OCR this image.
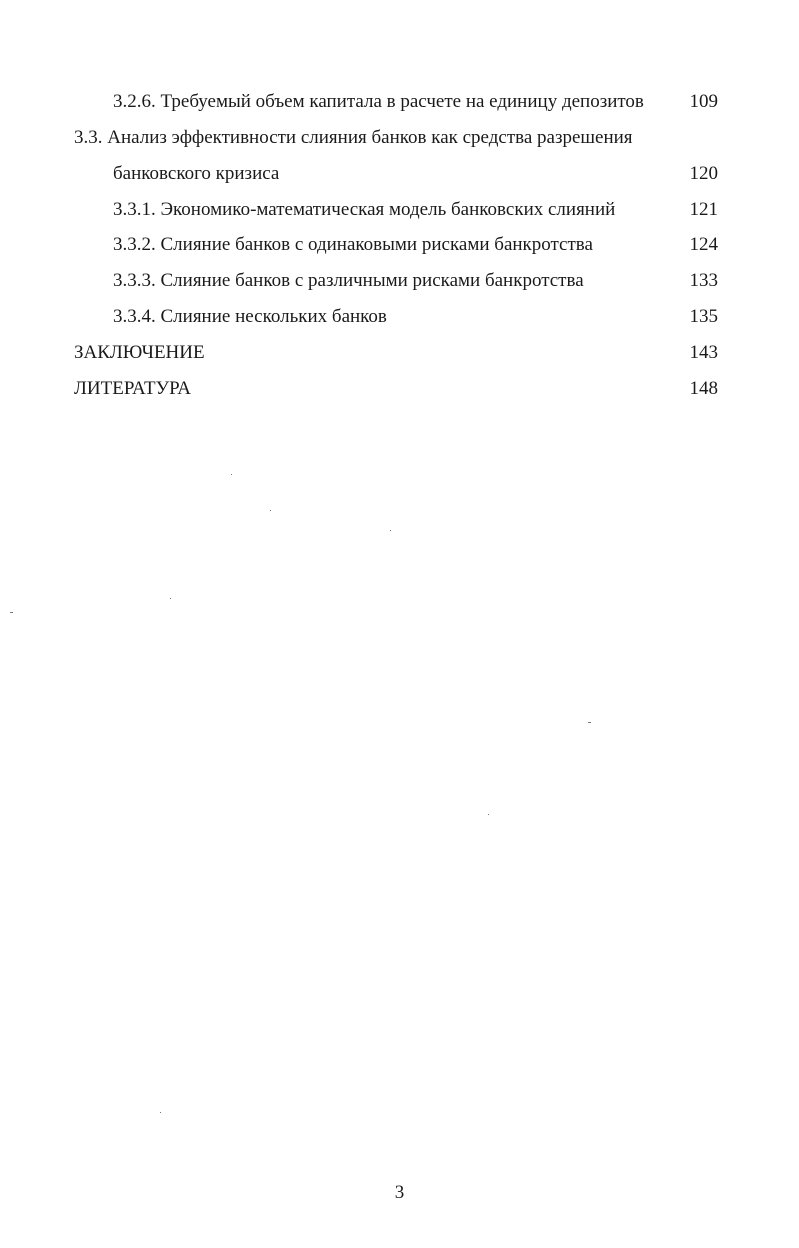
3.2.6. Требуемый объем капитала в расчете на единицу депозитов	109
3.3. Анализ эффективности слияния банков как средства разрешения
банковского кризиса	120
3.3.1. Экономико-математическая модель банковских слияний	121
3.3.2. Слияние банков с одинаковыми рисками банкротства	124
3.3.3. Слияние банков с различными рисками банкротства	133
3.3.4. Слияние нескольких банков	135
ЗАКЛЮЧЕНИЕ	143
ЛИТЕРАТУРА	148
3
